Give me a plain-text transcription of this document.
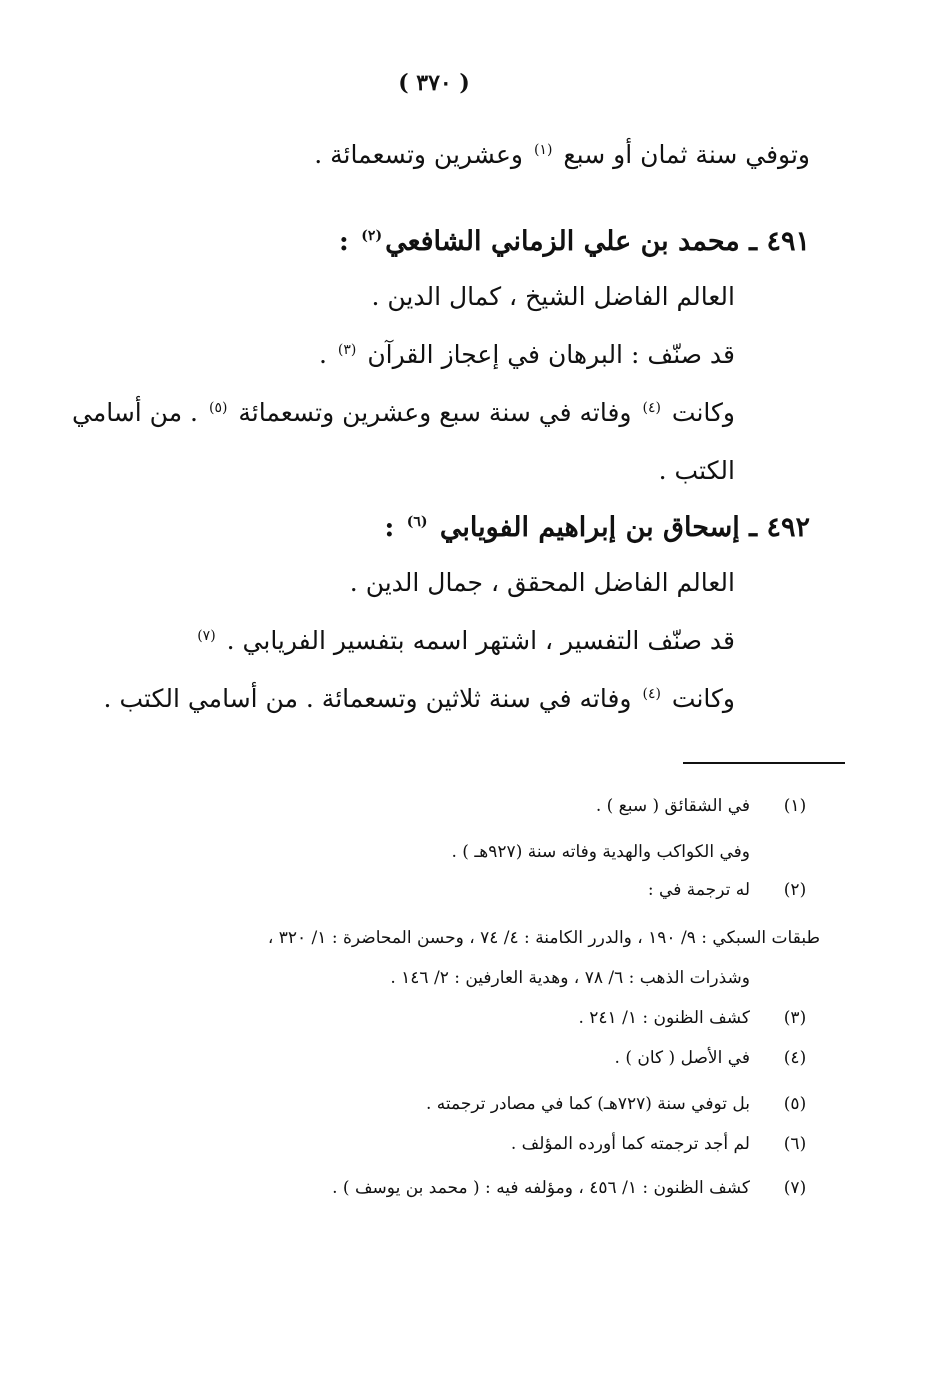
( ٣٧٠ )
وتوفي سنة ثمان أو سبع $^{(١)}$ وعشرين وتسعمائة .
٤٩١ ـ محمد بن علي الزماني الشافعي$^{(٢)}$ :
العالم الفاضل الشيخ ، كمال الدين .
قد صنّف : البرهان في إعجاز القرآن $^{(٣)}$ .
وكانت $^{(٤)}$ وفاته في سنة سبع وعشرين وتسعمائة $^{(٥)}$ . من أسامي
الكتب .
٤٩٢ ـ إسحاق بن إبراهيم الفويابي $^{(٦)}$ :
العالم الفاضل المحقق ، جمال الدين .
قد صنّف التفسير ، اشتهر اسمه بتفسير الفريابي . $^{(٧)}$
وكانت $^{(٤)}$ وفاته في سنة ثلاثين وتسعمائة . من أسامي الكتب .
(١)
في الشقائق ( سبع ) .
وفي الكواكب والهدية وفاته سنة (٩٢٧هـ ) .
(٢)
له ترجمة في :
طبقات السبكي : ٩/ ١٩٠ ، والدرر الكامنة : ٤/ ٧٤ ، وحسن المحاضرة : ١/ ٣٢٠ ،
وشذرات الذهب : ٦/ ٧٨ ، وهدية العارفين : ٢/ ١٤٦ .
(٣)
كشف الظنون : ١/ ٢٤١ .
(٤)
في الأصل ( كان ) .
(٥)
بل توفي سنة (٧٢٧هـ) كما في مصادر ترجمته .
(٦)
لم أجد ترجمته كما أورده المؤلف .
(٧)
كشف الظنون : ١/ ٤٥٦ ، ومؤلفه فيه : ( محمد بن يوسف ) .
